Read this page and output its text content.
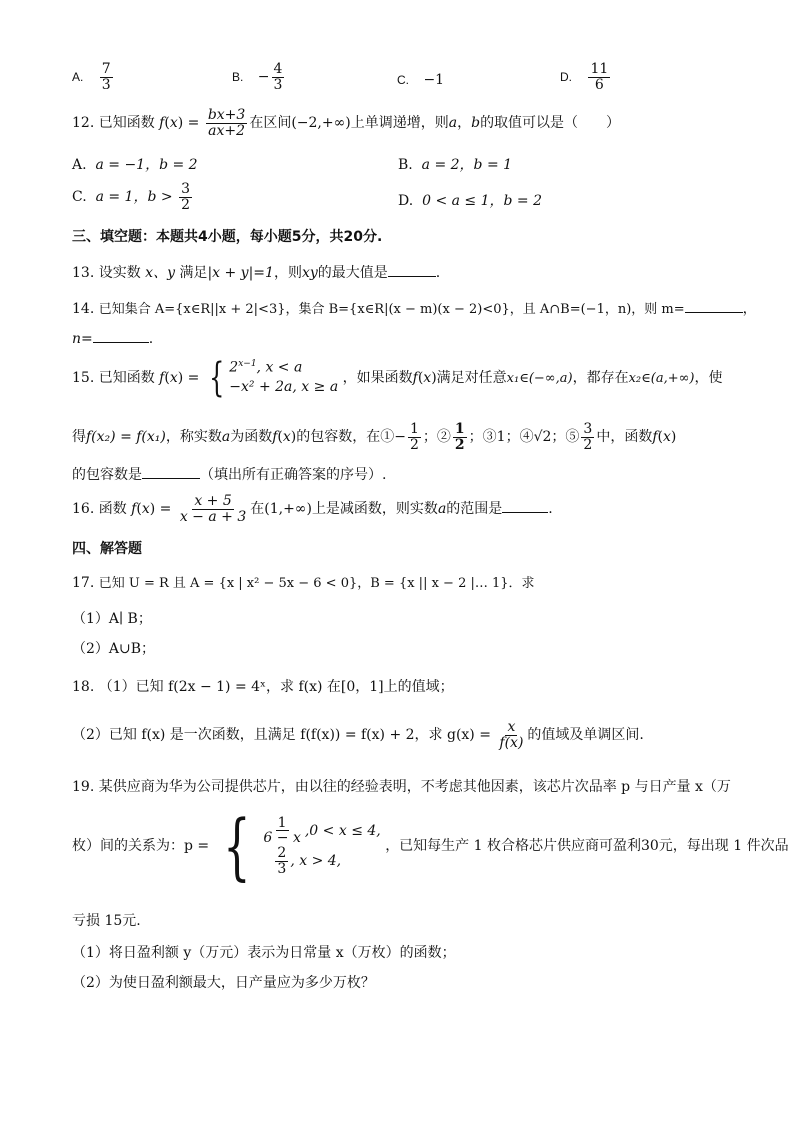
A. $\frac{7}{3}$	B. − $\frac{4}{3}$	C. −1	D. $\frac{11}{6}$
12. 已知函数 $f(x) = \frac{bx+3}{ax+2}$ 在区间(−2,+∞)上单调递增，则a，b的取值可以是（　　）
A. a = −1，b = 2	B. a = 2，b = 1
C. a = 1，$b > \frac{3}{2}$	D. 0 < a ≤ 1，b = 2
三、填空题：本题共4小题，每小题5分，共20分.
13. 设实数 x、y 满足|x + y|=1，则xy的最大值是	.
14. 已知集合 A={x∈R||x + 2|<3}，集合 B={x∈R|(x − m)(x − 2)<0}，且 A∩B=(−1，n)，则 m=	，
n=	.
15. 已知函数 f(x) = { $2^{x-1}$, x < a
−x² + 2a, x ≥ a
，如果函数f(x)满足对任意x₁∈(−∞,a)，都存在x₂∈(a,+∞)，使
得f(x₂) = f(x₁)，称实数a为函数f(x)的包容数，在①− $\frac{1}{2}$ ；② $\frac{1}{2}$ ；③1；④√2；⑤ $\frac{3}{2}$ 中，函数f(x)
的包容数是	（填出所有正确答案的序号）.
16. 函数 $f(x) = \frac{x + 5}{x - a + 3}$ 在(1,+∞)上是减函数，则实数a的范围是	.
四、解答题
17. 已知 U = R 且 A = {x | x² − 5x − 6 < 0}，B = {x || x − 2 |… 1}．求
（1）A∣ B；
（2）A∪B；
18. （1）已知 f(2x − 1) = 4ˣ，求 f(x) 在[0，1]上的值域；
（2）已知 f(x) 是一次函数，且满足 f(f(x)) = f(x) + 2，求 $g(x) = \frac{x}{f(x)}$ 的值域及单调区间.
19. 某供应商为华为公司提供芯片，由以往的经验表明，不考虑其他因素，该芯片次品率 p 与日产量 x（万
枚）间的关系为：p = { $\frac{1}{6 - x} ,0 < x \le 4$,
$\frac{2}{3}$ , x > 4,
，已知每生产 1 枚合格芯片供应商可盈利30元，每出现 1 件次品
亏损 15元.
（1）将日盈利额 y（万元）表示为日常量 x（万枚）的函数；
（2）为使日盈利额最大，日产量应为多少万枚？
